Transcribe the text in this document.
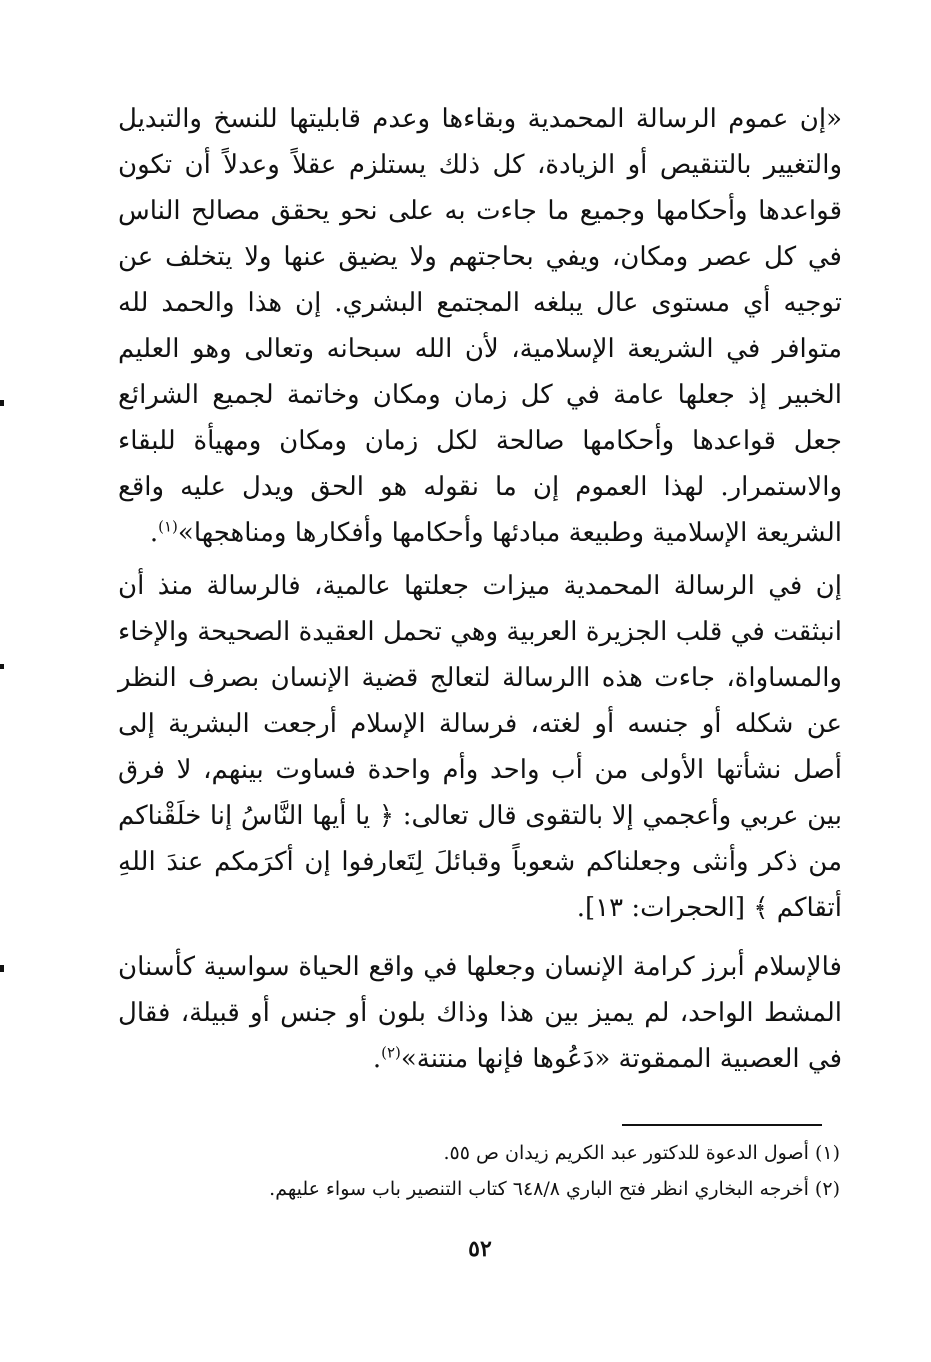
«إن عموم الرسالة المحمدية وبقاءها وعدم قابليتها للنسخ والتبديل والتغيير بالتنقيص أو الزيادة، كل ذلك يستلزم عقلاً وعدلاً أن تكون قواعدها وأحكامها وجميع ما جاءت به على نحو يحقق مصالح الناس في كل عصر ومكان، ويفي بحاجتهم ولا يضيق عنها ولا يتخلف عن توجيه أي مستوى عال يبلغه المجتمع البشري. إن هذا والحمد لله متوافر في الشريعة الإسلامية، لأن الله سبحانه وتعالى وهو العليم الخبير إذ جعلها عامة في كل زمان ومكان وخاتمة لجميع الشرائع جعل قواعدها وأحكامها صالحة لكل زمان ومكان ومهيأة للبقاء والاستمرار. لهذا العموم إن ما نقوله هو الحق ويدل عليه واقع الشريعة الإسلامية وطبيعة مبادئها وأحكامها وأفكارها ومناهجها»$^{(١)}$.

إن في الرسالة المحمدية ميزات جعلتها عالمية، فالرسالة منذ أن انبثقت في قلب الجزيرة العربية وهي تحمل العقيدة الصحيحة والإخاء والمساواة، جاءت هذه االرسالة لتعالج قضية الإنسان بصرف النظر عن شكله أو جنسه أو لغته، فرسالة الإسلام أرجعت البشرية إلى أصل نشأتها الأولى من أب واحد وأم واحدة فساوت بينهم، لا فرق بين عربي وأعجمي إلا بالتقوى قال تعالى: ﴿ يا أيها النَّاسُ إنا خلَقْناكم من ذكر وأنثى وجعلناكم شعوباً وقبائلَ لِتَعارفوا إن أكرَمكم عندَ اللهِ أتقاكم ﴾ [الحجرات: ١٣].

فالإسلام أبرز كرامة الإنسان وجعلها في واقع الحياة سواسية كأسنان المشط الواحد، لم يميز بين هذا وذاك بلون أو جنس أو قبيلة، فقال في العصبية الممقوتة «دَعُوها فإنها منتنة»$^{(٢)}$.

(١) أصول الدعوة للدكتور عبد الكريم زيدان ص ٥٥.
(٢) أخرجه البخاري انظر فتح الباري ٦٤٨/٨ كتاب التنصير باب سواء عليهم.
٥٢
